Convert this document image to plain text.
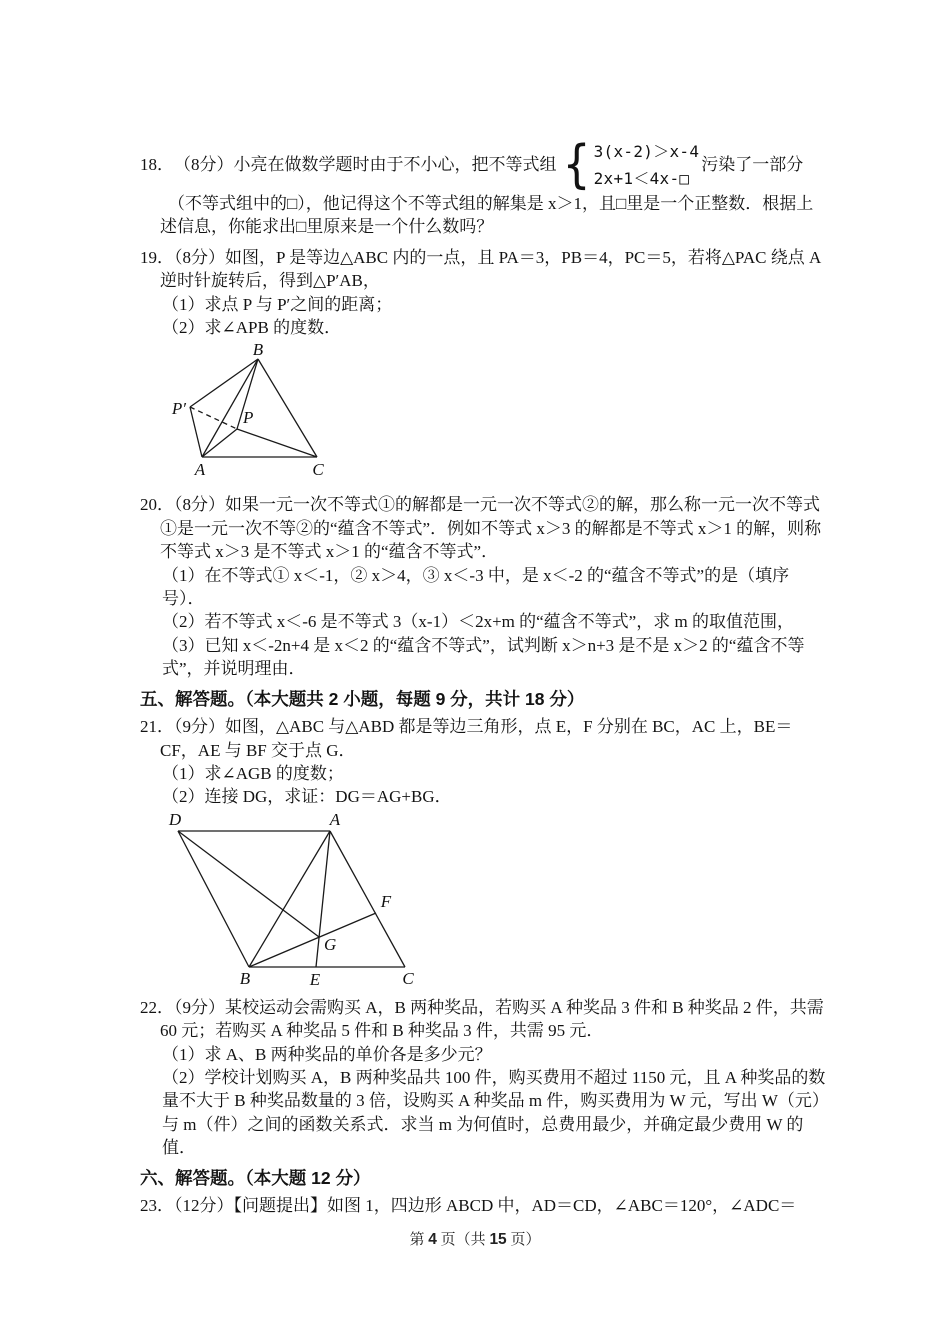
18． （8分）小亮在做数学题时由于不小心，把不等式组 { 3(x-2)＞x-4
2x+1＜4x-□
污染了一部分

（不等式组中的□），他记得这个不等式组的解集是 x＞1，且□里是一个正整数．根据上述信息，你能求出□里原来是一个什么数吗？

19．（8分）如图，P 是等边△ABC 内的一点，且 PA＝3，PB＝4，PC＝5，若将△PAC 绕点 A 逆时针旋转后，得到△P′AB，

（1）求点 P 与 P′之间的距离；

（2）求∠APB 的度数．

B
P′	P
A	C

20．（8分）如果一元一次不等式①的解都是一元一次不等式②的解，那么称一元一次不等式①是一元一次不等②的“蕴含不等式”．例如不等式 x＞3 的解都是不等式 x＞1 的解，则称不等式 x＞3 是不等式 x＞1 的“蕴含不等式”．

（1）在不等式① x＜-1，② x＞4，③ x＜-3 中，是 x＜-2 的“蕴含不等式”的是（填序号）．

（2）若不等式 x＜-6 是不等式 3（x-1）＜2x+m 的“蕴含不等式”，求 m 的取值范围，

（3）已知 x＜-2n+4 是 x＜2 的“蕴含不等式”，试判断 x＞n+3 是不是 x＞2 的“蕴含不等式”，并说明理由．

五、解答题。（本大题共 2 小题，每题 9 分，共计 18 分）

21．（9分）如图，△ABC 与△ABD 都是等边三角形，点 E，F 分别在 BC，AC 上，BE＝CF，AE 与 BF 交于点 G．

（1）求∠AGB 的度数；

（2）连接 DG，求证：DG＝AG+BG．

D	A
F
G
B	E	C

22．（9分）某校运动会需购买 A，B 两种奖品，若购买 A 种奖品 3 件和 B 种奖品 2 件，共需 60 元；若购买 A 种奖品 5 件和 B 种奖品 3 件，共需 95 元．

（1）求 A、B 两种奖品的单价各是多少元？

（2）学校计划购买 A，B 两种奖品共 100 件，购买费用不超过 1150 元，且 A 种奖品的数量不大于 B 种奖品数量的 3 倍，设购买 A 种奖品 m 件，购买费用为 W 元，写出 W（元）与 m（件）之间的函数关系式．求当 m 为何值时，总费用最少，并确定最少费用 W 的值．

六、解答题。（本大题 12 分）

23．（12分）【问题提出】如图 1，四边形 ABCD 中，AD＝CD，∠ABC＝120°，∠ADC＝

第 4 页（共 15 页）
